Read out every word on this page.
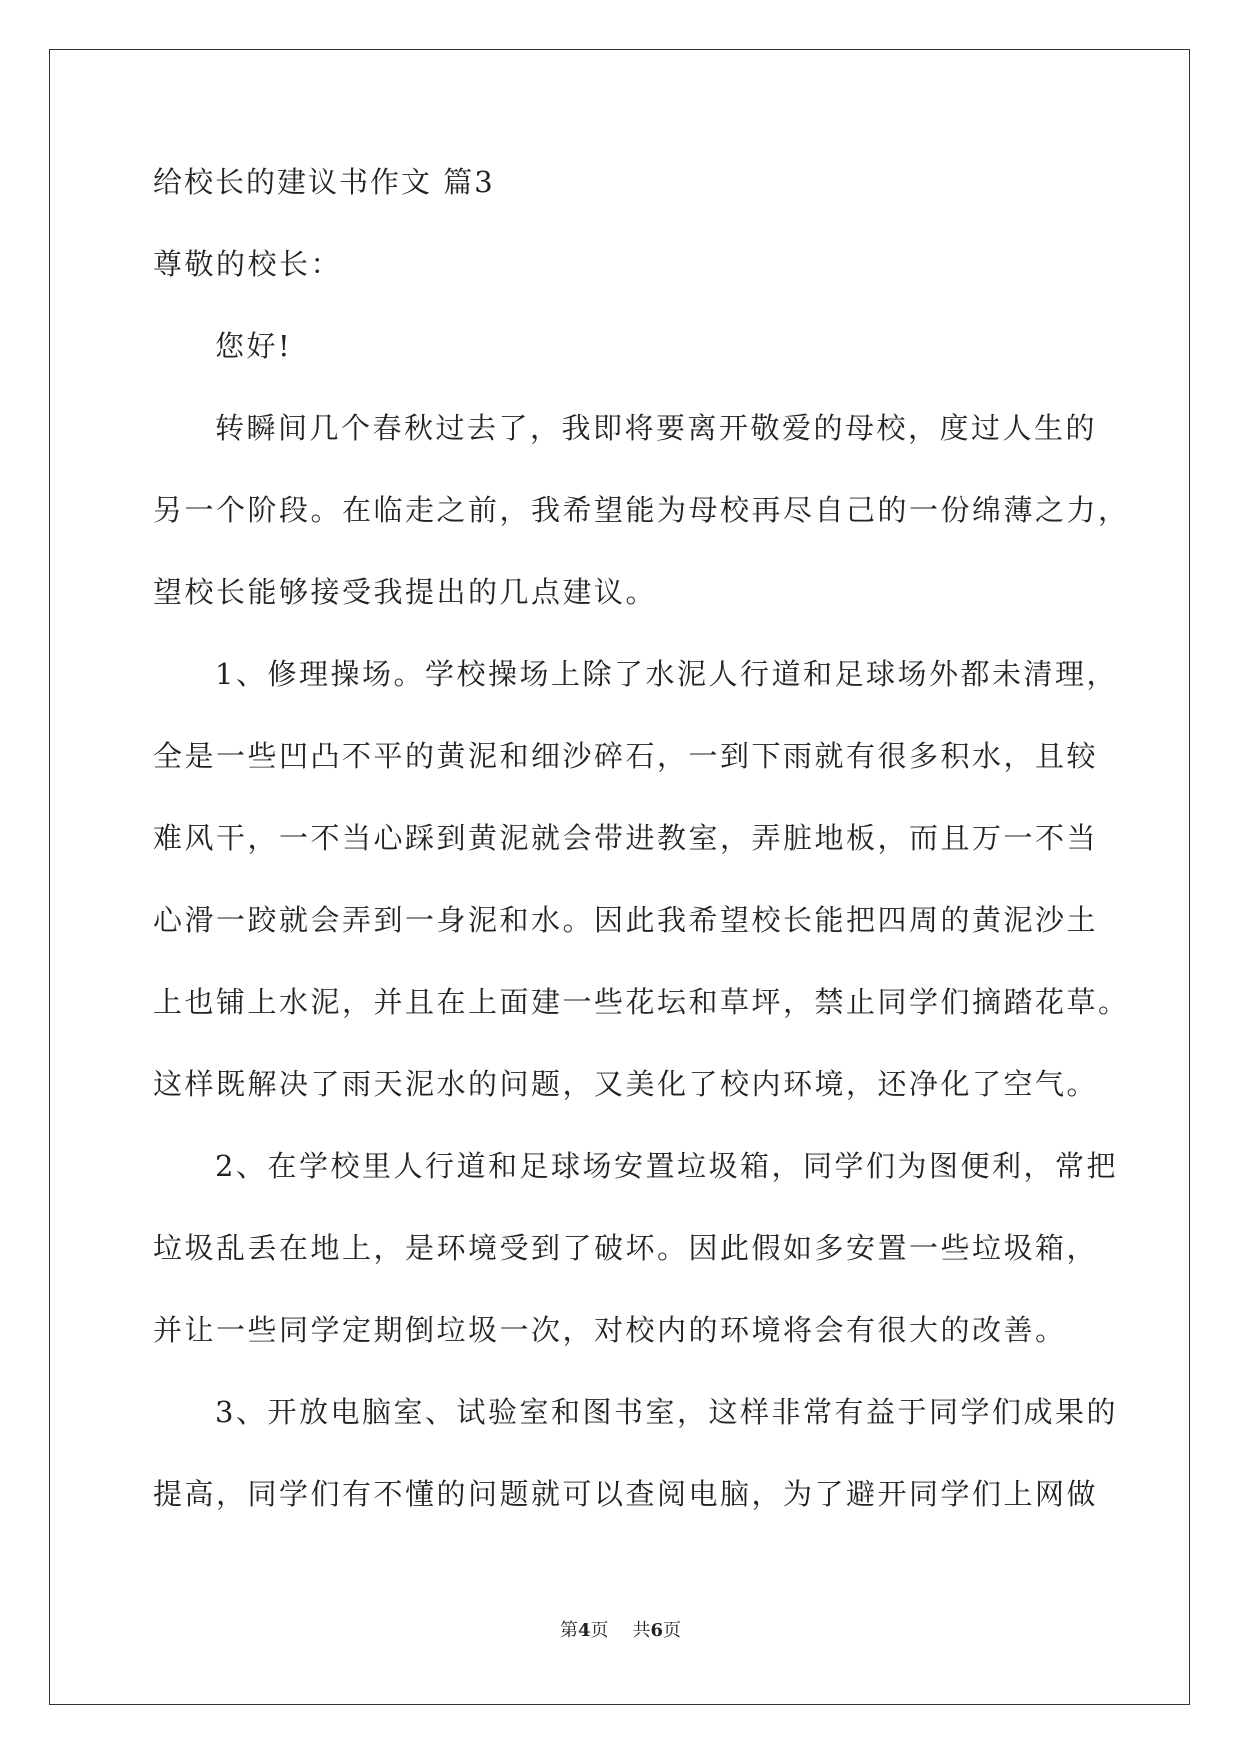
给校长的建议书作文 篇3
尊敬的校长：
您好!
转瞬间几个春秋过去了，我即将要离开敬爱的母校，度过人生的
另一个阶段。在临走之前，我希望能为母校再尽自己的一份绵薄之力，
望校长能够接受我提出的几点建议。
1、修理操场。学校操场上除了水泥人行道和足球场外都未清理，
全是一些凹凸不平的黄泥和细沙碎石，一到下雨就有很多积水，且较
难风干，一不当心踩到黄泥就会带进教室，弄脏地板，而且万一不当
心滑一跤就会弄到一身泥和水。因此我希望校长能把四周的黄泥沙土
上也铺上水泥，并且在上面建一些花坛和草坪，禁止同学们摘踏花草。
这样既解决了雨天泥水的问题，又美化了校内环境，还净化了空气。
2、在学校里人行道和足球场安置垃圾箱，同学们为图便利，常把
垃圾乱丢在地上，是环境受到了破坏。因此假如多安置一些垃圾箱，
并让一些同学定期倒垃圾一次，对校内的环境将会有很大的改善。
3、开放电脑室、试验室和图书室，这样非常有益于同学们成果的
提高，同学们有不懂的问题就可以查阅电脑，为了避开同学们上网做
第4页 共6页
